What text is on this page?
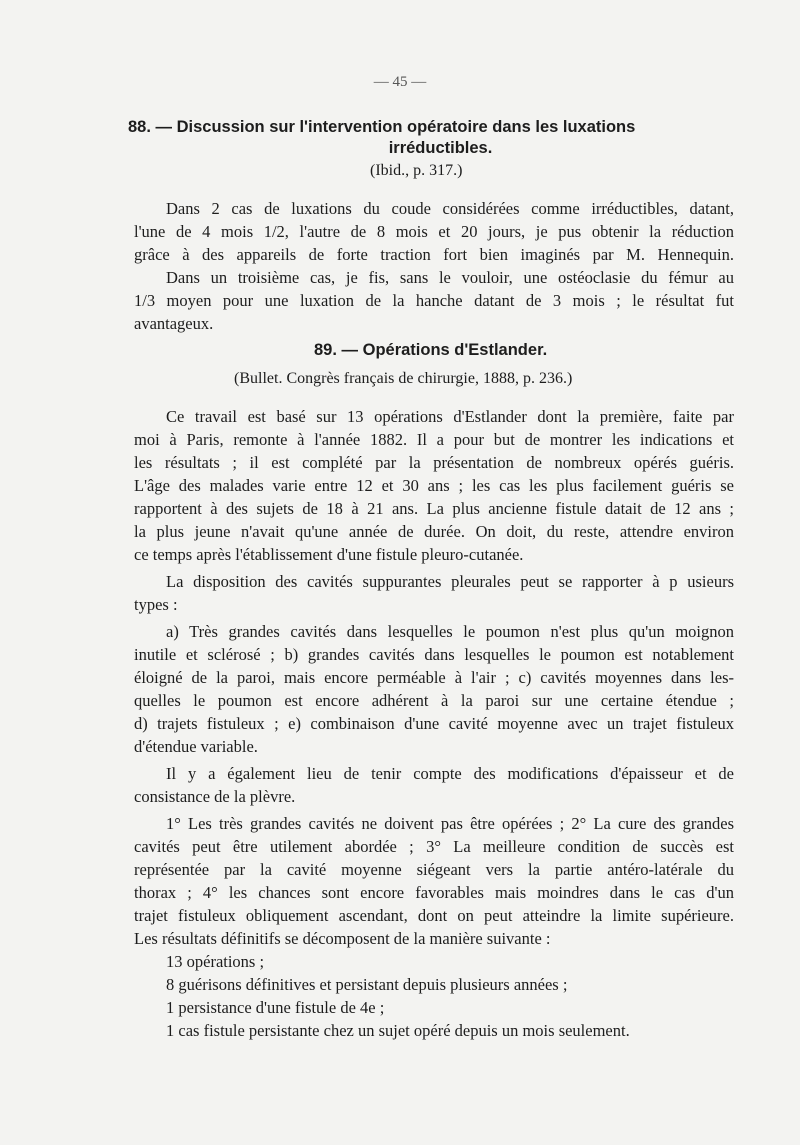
— 45 —
88. — Discussion sur l'intervention opératoire dans les luxations
irréductibles.
(Ibid., p. 317.)
Dans 2 cas de luxations du coude considérées comme irréductibles, datant,
l'une de 4 mois 1/2, l'autre de 8 mois et 20 jours, je pus obtenir la réduction
grâce à des appareils de forte traction fort bien imaginés par M. Hennequin.
Dans un troisième cas, je fis, sans le vouloir, une ostéoclasie du fémur au
1/3 moyen pour une luxation de la hanche datant de 3 mois ; le résultat fut
avantageux.
89. — Opérations d'Estlander.
(Bullet. Congrès français de chirurgie, 1888, p. 236.)
Ce travail est basé sur 13 opérations d'Estlander dont la première, faite par
moi à Paris, remonte à l'année 1882. Il a pour but de montrer les indications et
les résultats ; il est complété par la présentation de nombreux opérés guéris.
L'âge des malades varie entre 12 et 30 ans ; les cas les plus facilement guéris se
rapportent à des sujets de 18 à 21 ans. La plus ancienne fistule datait de 12 ans ;
la plus jeune n'avait qu'une année de durée. On doit, du reste, attendre environ
ce temps après l'établissement d'une fistule pleuro-cutanée.
La disposition des cavités suppurantes pleurales peut se rapporter à p usieurs
types :
a) Très grandes cavités dans lesquelles le poumon n'est plus qu'un moignon
inutile et sclérosé ; b) grandes cavités dans lesquelles le poumon est notablement
éloigné de la paroi, mais encore perméable à l'air ; c) cavités moyennes dans les-
quelles le poumon est encore adhérent à la paroi sur une certaine étendue ;
d) trajets fistuleux ; e) combinaison d'une cavité moyenne avec un trajet fistuleux
d'étendue variable.
Il y a également lieu de tenir compte des modifications d'épaisseur et de
consistance de la plèvre.
1° Les très grandes cavités ne doivent pas être opérées ; 2° La cure des grandes
cavités peut être utilement abordée ; 3° La meilleure condition de succès est
représentée par la cavité moyenne siégeant vers la partie antéro-latérale du
thorax ; 4° les chances sont encore favorables mais moindres dans le cas d'un
trajet fistuleux obliquement ascendant, dont on peut atteindre la limite supérieure.
Les résultats définitifs se décomposent de la manière suivante :
13 opérations ;
8 guérisons définitives et persistant depuis plusieurs années ;
1 persistance d'une fistule de 4e ;
1 cas fistule persistante chez un sujet opéré depuis un mois seulement.
